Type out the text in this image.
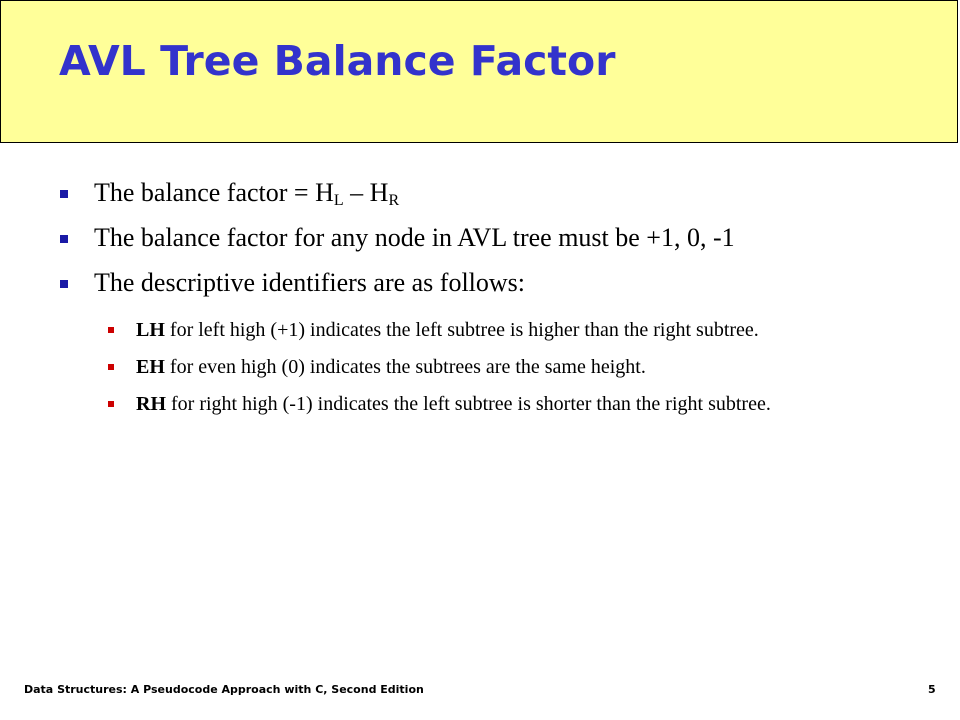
AVL Tree Balance Factor
The balance factor = $H_L - H_R$
The balance factor for any node in AVL tree must be +1, 0, -1
The descriptive identifiers are as follows:
LH for left high (+1) indicates the left subtree is higher than the right subtree.
EH for even high (0) indicates the subtrees are the same height.
RH for right high (-1) indicates the left subtree is shorter than the right subtree.
Data Structures: A Pseudocode Approach with C, Second Edition	5
